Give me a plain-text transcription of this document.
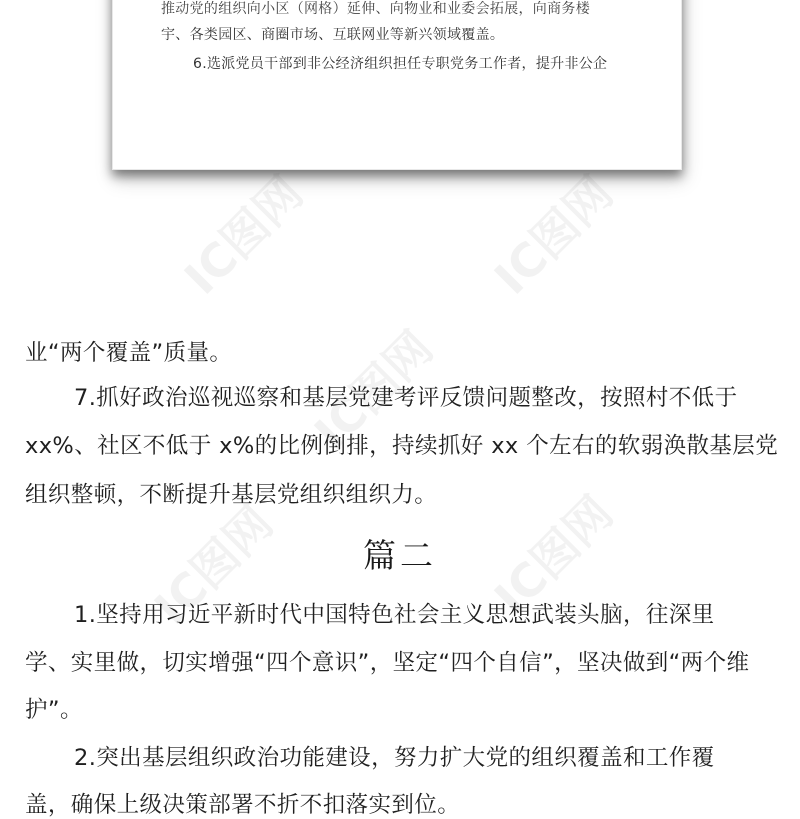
推动党的组织向小区（网格）延伸、向物业和业委会拓展，向商务楼
宇、各类园区、商圈市场、互联网业等新兴领域覆盖。
6.选派党员干部到非公经济组织担任专职党务工作者，提升非公企
IC图网	IC图网
IC图网
IC图网	IC图网
业“两个覆盖”质量。
7.抓好政治巡视巡察和基层党建考评反馈问题整改，按照村不低于
xx%、社区不低于 x%的比例倒排，持续抓好 xx 个左右的软弱涣散基层党
组织整顿，不断提升基层党组织组织力。
篇二
1.坚持用习近平新时代中国特色社会主义思想武装头脑，往深里
学、实里做，切实增强“四个意识”，坚定“四个自信”，坚决做到“两个维
护”。
2.突出基层组织政治功能建设，努力扩大党的组织覆盖和工作覆
盖，确保上级决策部署不折不扣落实到位。
